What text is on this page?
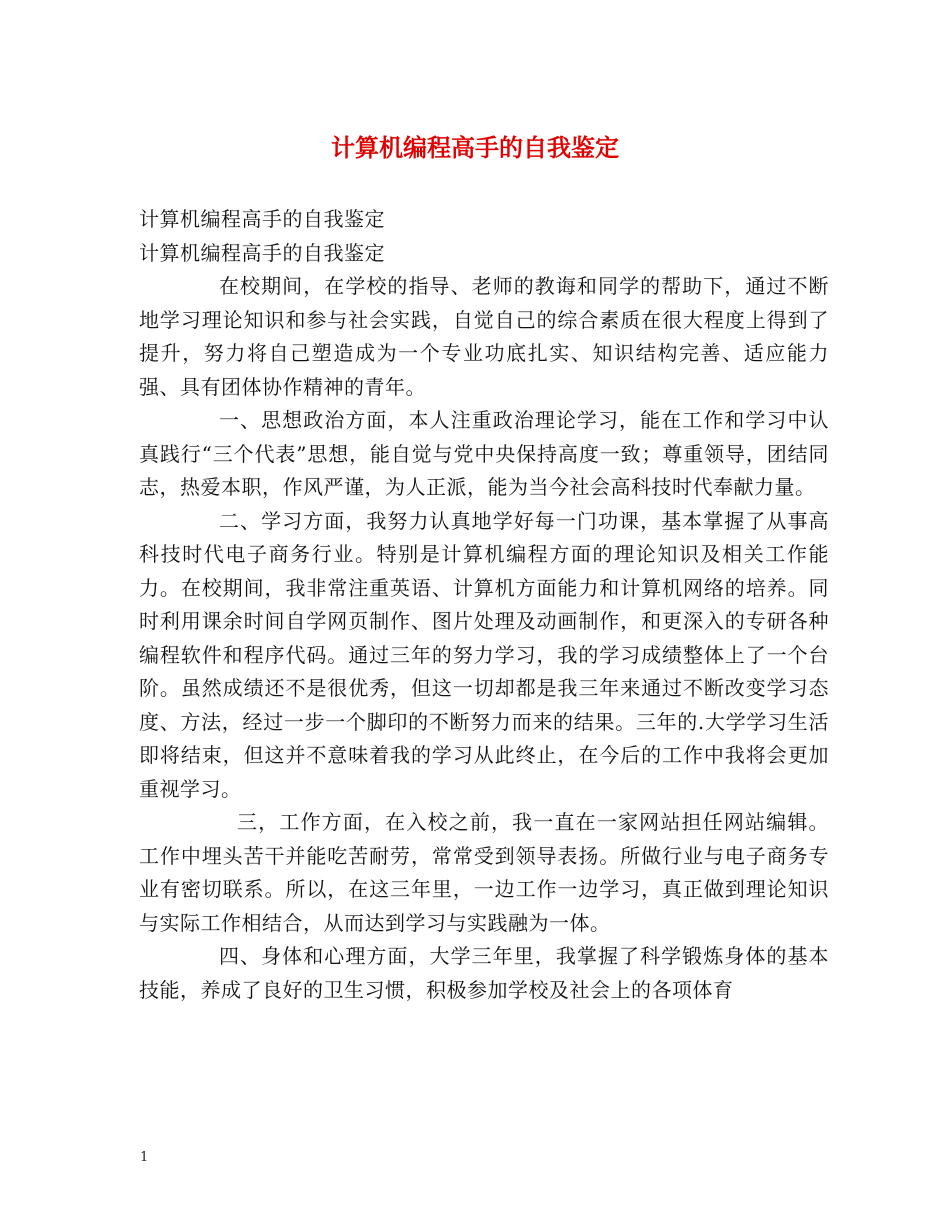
计算机编程高手的自我鉴定

计算机编程高手的自我鉴定

计算机编程高手的自我鉴定

在校期间，在学校的指导、老师的教诲和同学的帮助下，通过不断地学习理论知识和参与社会实践，自觉自己的综合素质在很大程度上得到了提升，努力将自己塑造成为一个专业功底扎实、知识结构完善、适应能力强、具有团体协作精神的青年。

一、思想政治方面，本人注重政治理论学习，能在工作和学习中认真践行“三个代表”思想，能自觉与党中央保持高度一致；尊重领导，团结同志，热爱本职，作风严谨，为人正派，能为当今社会高科技时代奉献力量。

二、学习方面，我努力认真地学好每一门功课，基本掌握了从事高科技时代电子商务行业。特别是计算机编程方面的理论知识及相关工作能力。在校期间，我非常注重英语、计算机方面能力和计算机网络的培养。同时利用课余时间自学网页制作、图片处理及动画制作，和更深入的专研各种编程软件和程序代码。通过三年的努力学习，我的学习成绩整体上了一个台阶。虽然成绩还不是很优秀，但这一切却都是我三年来通过不断改变学习态度、方法，经过一步一个脚印的不断努力而来的结果。三年的.大学学习生活即将结束，但这并不意味着我的学习从此终止，在今后的工作中我将会更加重视学习。

三，工作方面，在入校之前，我一直在一家网站担任网站编辑。工作中埋头苦干并能吃苦耐劳，常常受到领导表扬。所做行业与电子商务专业有密切联系。所以，在这三年里，一边工作一边学习，真正做到理论知识与实际工作相结合，从而达到学习与实践融为一体。

四、身体和心理方面，大学三年里，我掌握了科学锻炼身体的基本技能，养成了良好的卫生习惯，积极参加学校及社会上的各项体育

1
